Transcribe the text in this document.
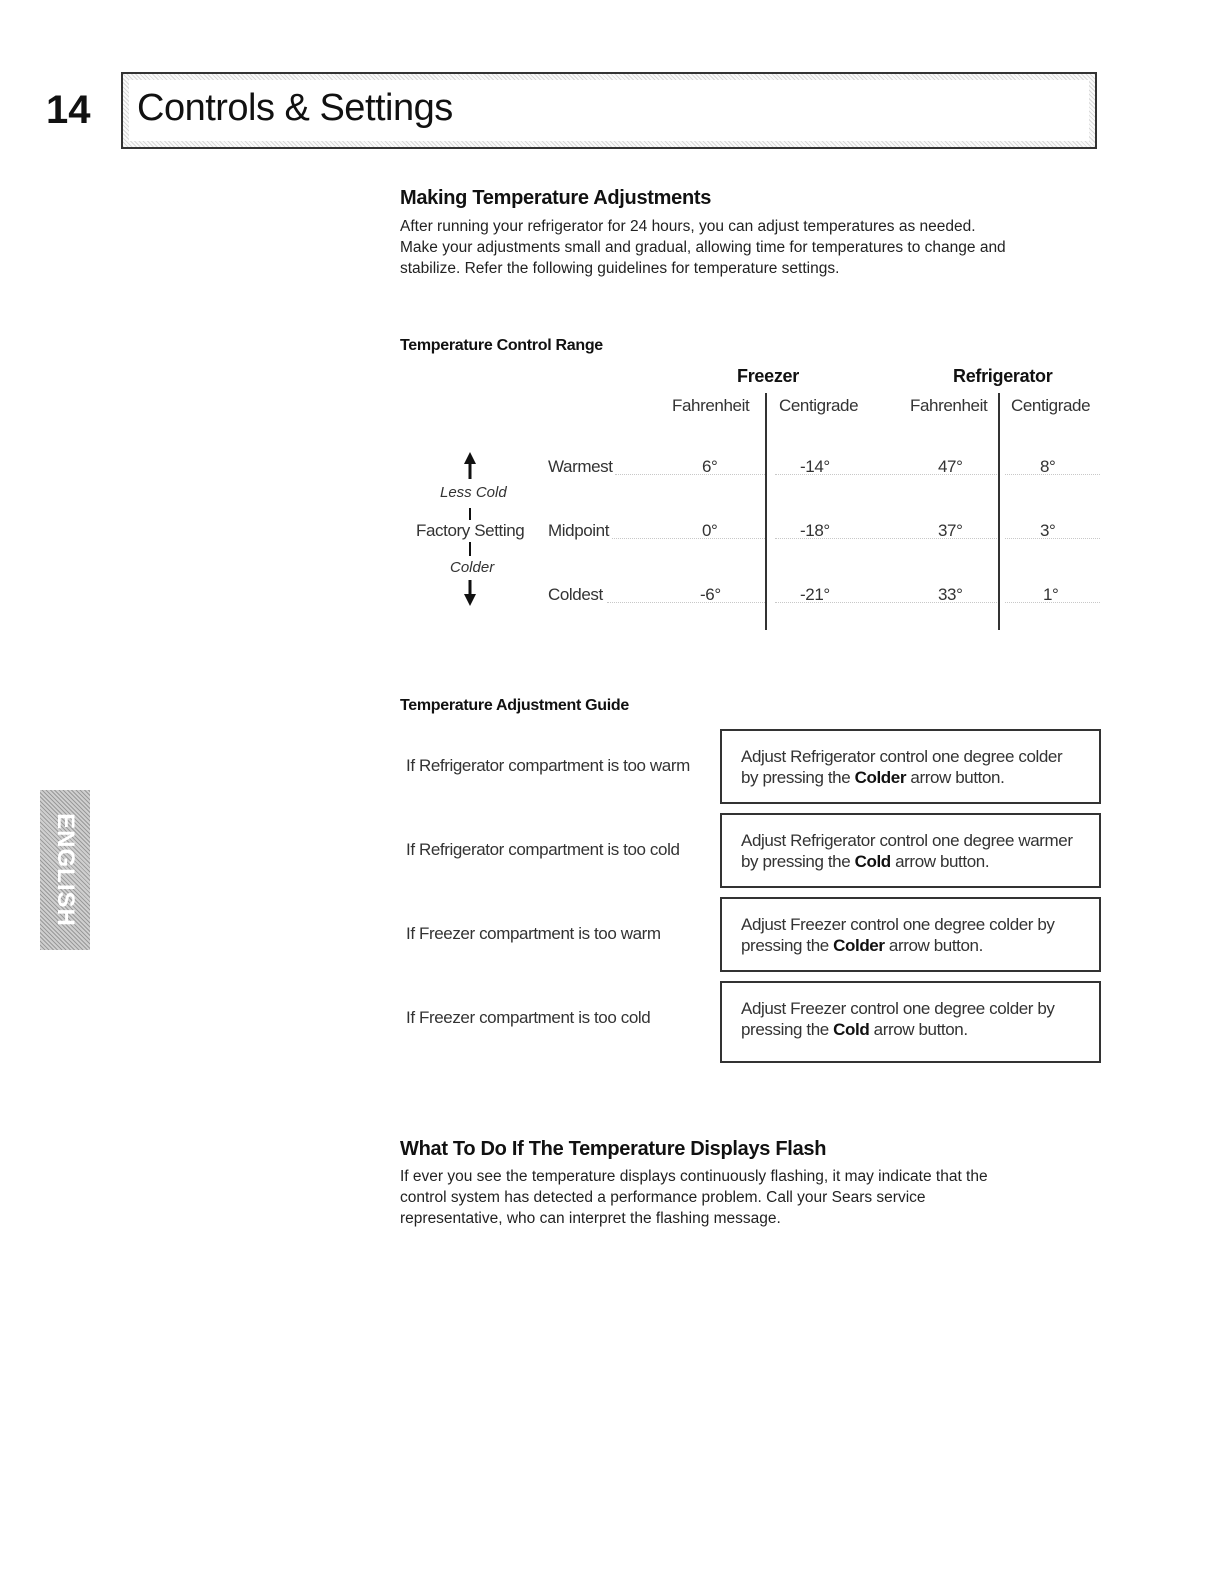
14 Controls & Settings
ENGLISH
Making Temperature Adjustments
After running your refrigerator for 24 hours, you can adjust temperatures as needed.
Make your adjustments small and gradual, allowing time for temperatures to change and
stabilize. Refer the following guidelines for temperature settings.
Temperature Control Range
Freezer	Refrigerator
Fahrenheit Centigrade	Fahrenheit Centigrade
Warmest	6°	-14°	47°	8°
Factory Setting Midpoint	0°	-18°	37°	3°
Coldest	-6°	-21°	33°	1°
Less Cold
Colder
Temperature Adjustment Guide
If Refrigerator compartment is too warm	Adjust Refrigerator control one degree colder
by pressing the Colder arrow button.
If Refrigerator compartment is too cold	Adjust Refrigerator control one degree warmer
by pressing the Cold arrow button.
If Freezer compartment is too warm	Adjust Freezer control one degree colder by
pressing the Colder arrow button.
If Freezer compartment is too cold	Adjust Freezer control one degree colder by
pressing the Cold arrow button.
What To Do If The Temperature Displays Flash
If ever you see the temperature displays continuously flashing, it may indicate that the
control system has detected a performance problem. Call your Sears service
representative, who can interpret the flashing message.
